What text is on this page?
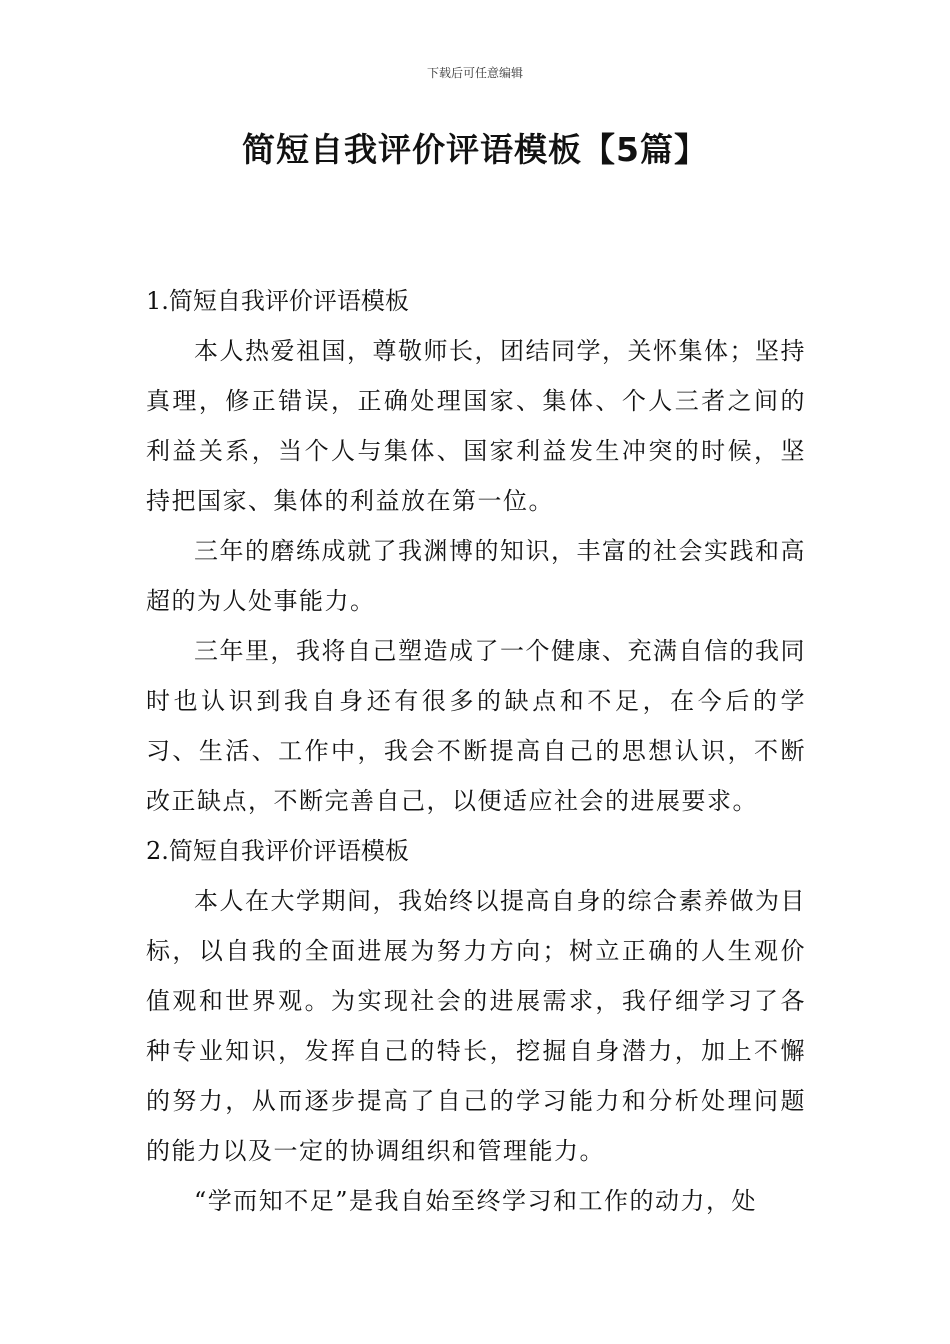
下载后可任意编辑
简短自我评价评语模板【5篇】

1.简短自我评价评语模板

本人热爱祖国，尊敬师长，团结同学，关怀集体；坚持真理，修正错误，正确处理国家、集体、个人三者之间的利益关系，当个人与集体、国家利益发生冲突的时候，坚持把国家、集体的利益放在第一位。

三年的磨练成就了我渊博的知识，丰富的社会实践和高超的为人处事能力。

三年里，我将自己塑造成了一个健康、充满自信的我同时也认识到我自身还有很多的缺点和不足，在今后的学习、生活、工作中，我会不断提高自己的思想认识，不断改正缺点，不断完善自己，以便适应社会的进展要求。

2.简短自我评价评语模板

本人在大学期间，我始终以提高自身的综合素养做为目标，以自我的全面进展为努力方向；树立正确的人生观价值观和世界观。为实现社会的进展需求，我仔细学习了各种专业知识，发挥自己的特长，挖掘自身潜力，加上不懈的努力，从而逐步提高了自己的学习能力和分析处理问题的能力以及一定的协调组织和管理能力。

“学而知不足”是我自始至终学习和工作的动力，处
